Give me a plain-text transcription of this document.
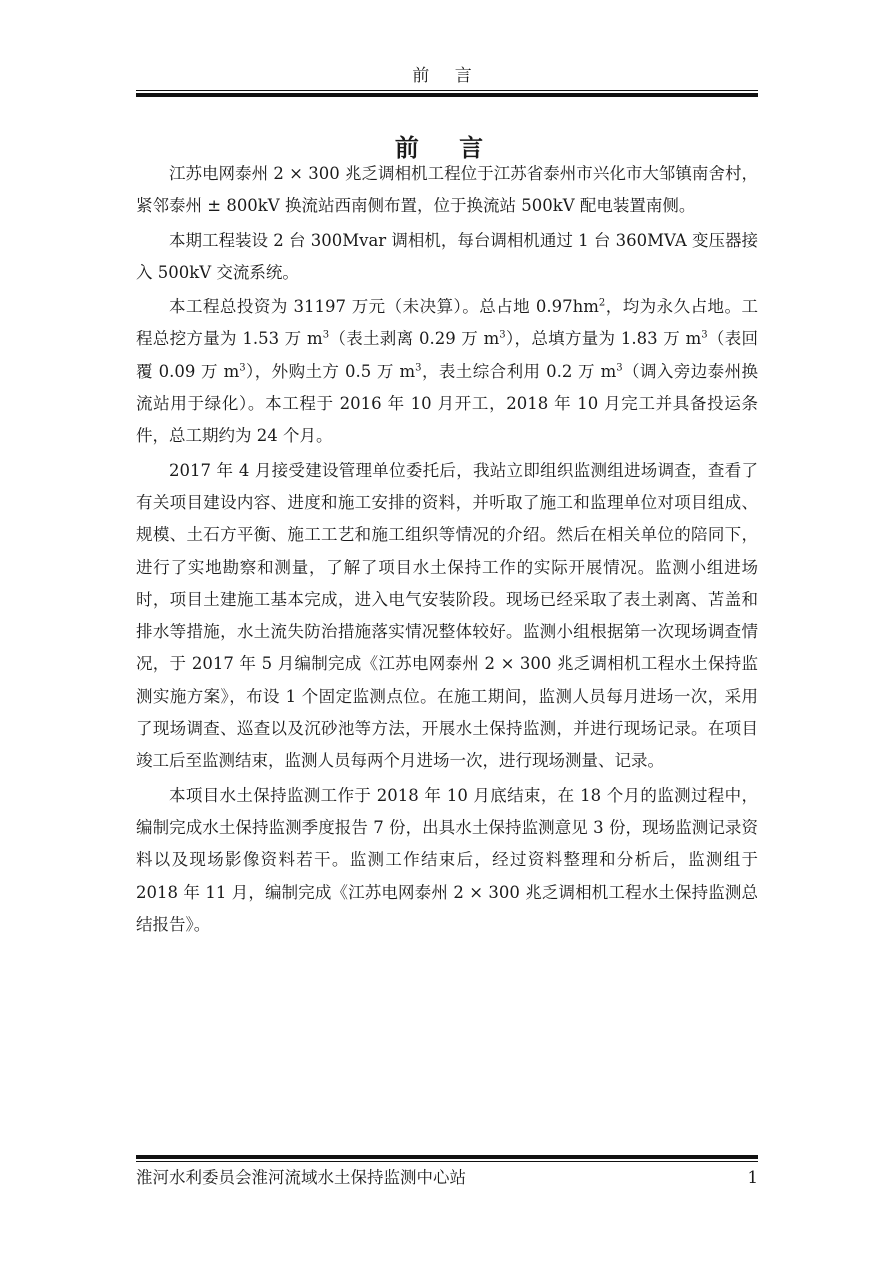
前 言
前 言

江苏电网泰州 2 × 300 兆乏调相机工程位于江苏省泰州市兴化市大邹镇南舍村，紧邻泰州 ± 800kV 换流站西南侧布置，位于换流站 500kV 配电装置南侧。

本期工程装设 2 台 300Mvar 调相机，每台调相机通过 1 台 360MVA 变压器接入 500kV 交流系统。

本工程总投资为 31197 万元（未决算）。总占地 $0.97hm^2$，均为永久占地。工程总挖方量为 1.53 万 $m^3$（表土剥离 0.29 万 $m^3$），总填方量为 1.83 万 $m^3$（表回覆 0.09 万 $m^3$），外购土方 0.5 万 $m^3$，表土综合利用 0.2 万 $m^3$（调入旁边泰州换流站用于绿化）。本工程于 2016 年 10 月开工，2018 年 10 月完工并具备投运条件，总工期约为 24 个月。

2017 年 4 月接受建设管理单位委托后，我站立即组织监测组进场调查，查看了有关项目建设内容、进度和施工安排的资料，并听取了施工和监理单位对项目组成、规模、土石方平衡、施工工艺和施工组织等情况的介绍。然后在相关单位的陪同下，进行了实地勘察和测量，了解了项目水土保持工作的实际开展情况。监测小组进场时，项目土建施工基本完成，进入电气安装阶段。现场已经采取了表土剥离、苫盖和排水等措施，水土流失防治措施落实情况整体较好。监测小组根据第一次现场调查情况，于 2017 年 5 月编制完成《江苏电网泰州 2 × 300 兆乏调相机工程水土保持监测实施方案》，布设 1 个固定监测点位。在施工期间，监测人员每月进场一次，采用了现场调查、巡查以及沉砂池等方法，开展水土保持监测，并进行现场记录。在项目竣工后至监测结束，监测人员每两个月进场一次，进行现场测量、记录。

本项目水土保持监测工作于 2018 年 10 月底结束，在 18 个月的监测过程中，编制完成水土保持监测季度报告 7 份，出具水土保持监测意见 3 份，现场监测记录资料以及现场影像资料若干。监测工作结束后，经过资料整理和分析后，监测组于 2018 年 11 月，编制完成《江苏电网泰州 2 × 300 兆乏调相机工程水土保持监测总结报告》。

淮河水利委员会淮河流域水土保持监测中心站	1
